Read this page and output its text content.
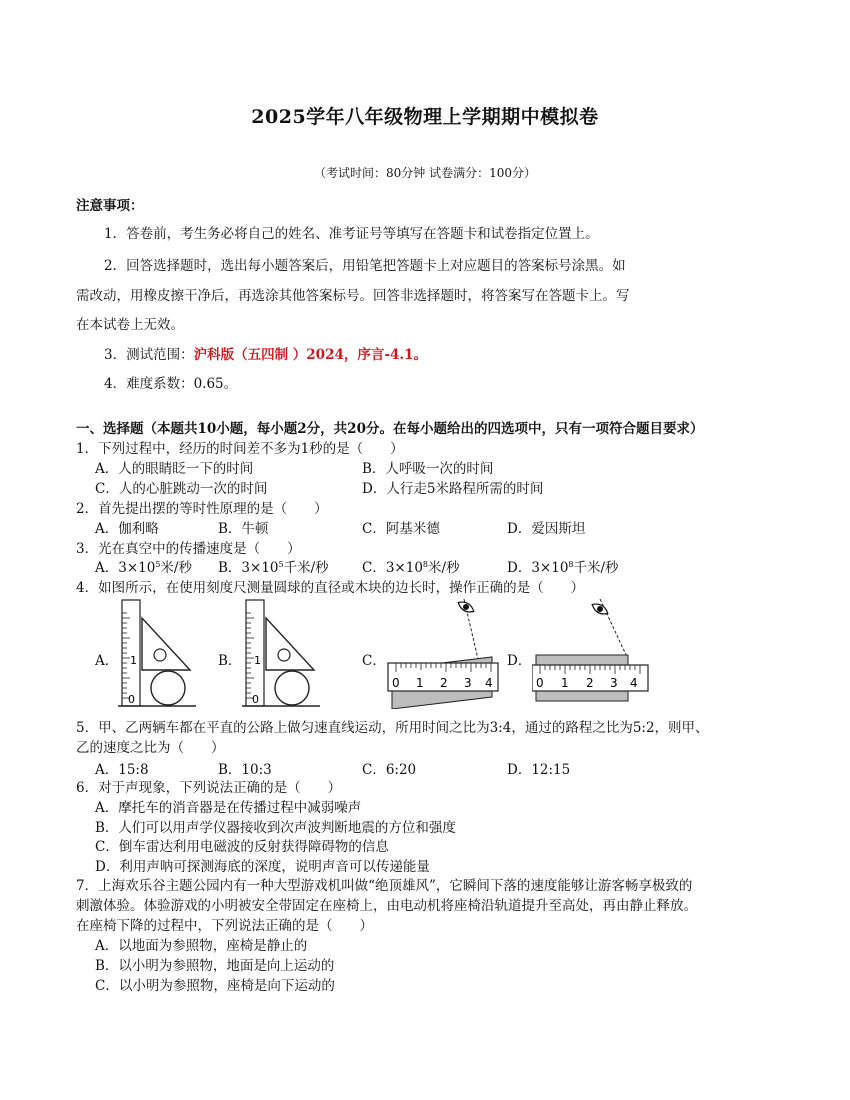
2025学年八年级物理上学期期中模拟卷
（考试时间：80分钟 试卷满分：100分）
注意事项：
1．答卷前，考生务必将自己的姓名、准考证号等填写在答题卡和试卷指定位置上。
2．回答选择题时，选出每小题答案后，用铅笔把答题卡上对应题目的答案标号涂黑。如
需改动，用橡皮擦干净后，再选涂其他答案标号。回答非选择题时，将答案写在答题卡上。写
在本试卷上无效。
3．测试范围：沪科版（五四制 ）2024，序言-4.1。
4．难度系数：0.65。
一、选择题（本题共10小题，每小题2分，共20分。在每小题给出的四选项中，只有一项符合题目要求）
1．下列过程中，经历的时间差不多为1秒的是（　　）
A．人的眼睛眨一下的时间	B．人呼吸一次的时间
C．人的心脏跳动一次的时间	D．人行走5米路程所需的时间
2．首先提出摆的等时性原理的是（　　）
A．伽利略	B．牛顿	C．阿基米德	D．爱因斯坦
3．光在真空中的传播速度是（　　）
A．$3\times 10^5$米/秒 B．$3\times 10^5$千米/秒 C．$3\times 10^8$米/秒	D．$3\times 10^8$千米/秒
4．如图所示，在使用刻度尺测量圆球的直径或木块的边长时，操作正确的是（　　）
A．	B．	C．	D．
0
1
0
1
0 1 2 3 4	0 1 2 3 4
5．甲、乙两辆车都在平直的公路上做匀速直线运动，所用时间之比为3:4，通过的路程之比为5:2，则甲、
乙的速度之比为（　　）
A．15:8	B．10:3	C．6:20	D．12:15
6．对于声现象，下列说法正确的是（　　）
A．摩托车的消音器是在传播过程中减弱噪声
B．人们可以用声学仪器接收到次声波判断地震的方位和强度
C．倒车雷达利用电磁波的反射获得障碍物的信息
D．利用声呐可探测海底的深度，说明声音可以传递能量
7．上海欢乐谷主题公园内有一种大型游戏机叫做“绝顶雄风”，它瞬间下落的速度能够让游客畅享极致的
刺激体验。体验游戏的小明被安全带固定在座椅上，由电动机将座椅沿轨道提升至高处，再由静止释放。
在座椅下降的过程中，下列说法正确的是（　　）
A．以地面为参照物，座椅是静止的
B．以小明为参照物，地面是向上运动的
C．以小明为参照物，座椅是向下运动的
